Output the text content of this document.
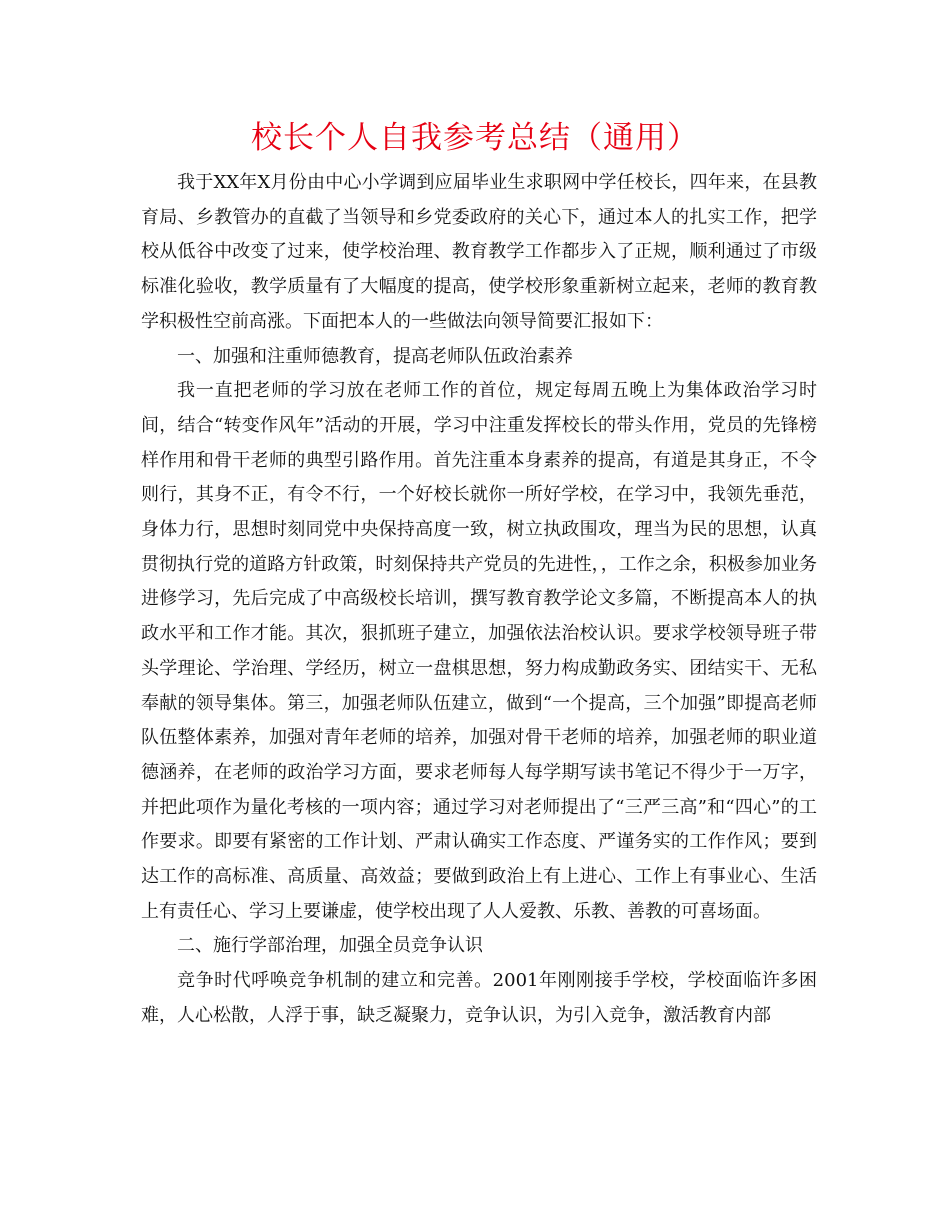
校长个人自我参考总结（通用）

我于XX年X月份由中心小学调到应届毕业生求职网中学任校长，四年来，在县教育局、乡教管办的直截了当领导和乡党委政府的关心下，通过本人的扎实工作，把学校从低谷中改变了过来，使学校治理、教育教学工作都步入了正规，顺利通过了市级标准化验收，教学质量有了大幅度的提高，使学校形象重新树立起来，老师的教育教学积极性空前高涨。下面把本人的一些做法向领导简要汇报如下：

一、加强和注重师德教育，提高老师队伍政治素养

我一直把老师的学习放在老师工作的首位，规定每周五晚上为集体政治学习时间，结合“转变作风年”活动的开展，学习中注重发挥校长的带头作用，党员的先锋榜样作用和骨干老师的典型引路作用。首先注重本身素养的提高，有道是其身正，不令则行，其身不正，有令不行，一个好校长就你一所好学校，在学习中，我领先垂范，身体力行，思想时刻同党中央保持高度一致，树立执政围攻，理当为民的思想，认真贯彻执行党的道路方针政策，时刻保持共产党员的先进性，，工作之余，积极参加业务进修学习，先后完成了中高级校长培训，撰写教育教学论文多篇，不断提高本人的执政水平和工作才能。其次，狠抓班子建立，加强依法治校认识。要求学校领导班子带头学理论、学治理、学经历，树立一盘棋思想，努力构成勤政务实、团结实干、无私奉献的领导集体。第三，加强老师队伍建立，做到“一个提高，三个加强”即提高老师队伍整体素养，加强对青年老师的培养，加强对骨干老师的培养，加强老师的职业道德涵养，在老师的政治学习方面，要求老师每人每学期写读书笔记不得少于一万字，并把此项作为量化考核的一项内容；通过学习对老师提出了“三严三高”和“四心”的工作要求。即要有紧密的工作计划、严肃认确实工作态度、严谨务实的工作作风；要到达工作的高标准、高质量、高效益；要做到政治上有上进心、工作上有事业心、生活上有责任心、学习上要谦虚，使学校出现了人人爱教、乐教、善教的可喜场面。

二、施行学部治理，加强全员竞争认识

竞争时代呼唤竞争机制的建立和完善。2001年刚刚接手学校，学校面临许多困难，人心松散，人浮于事，缺乏凝聚力，竞争认识，为引入竞争，激活教育内部
